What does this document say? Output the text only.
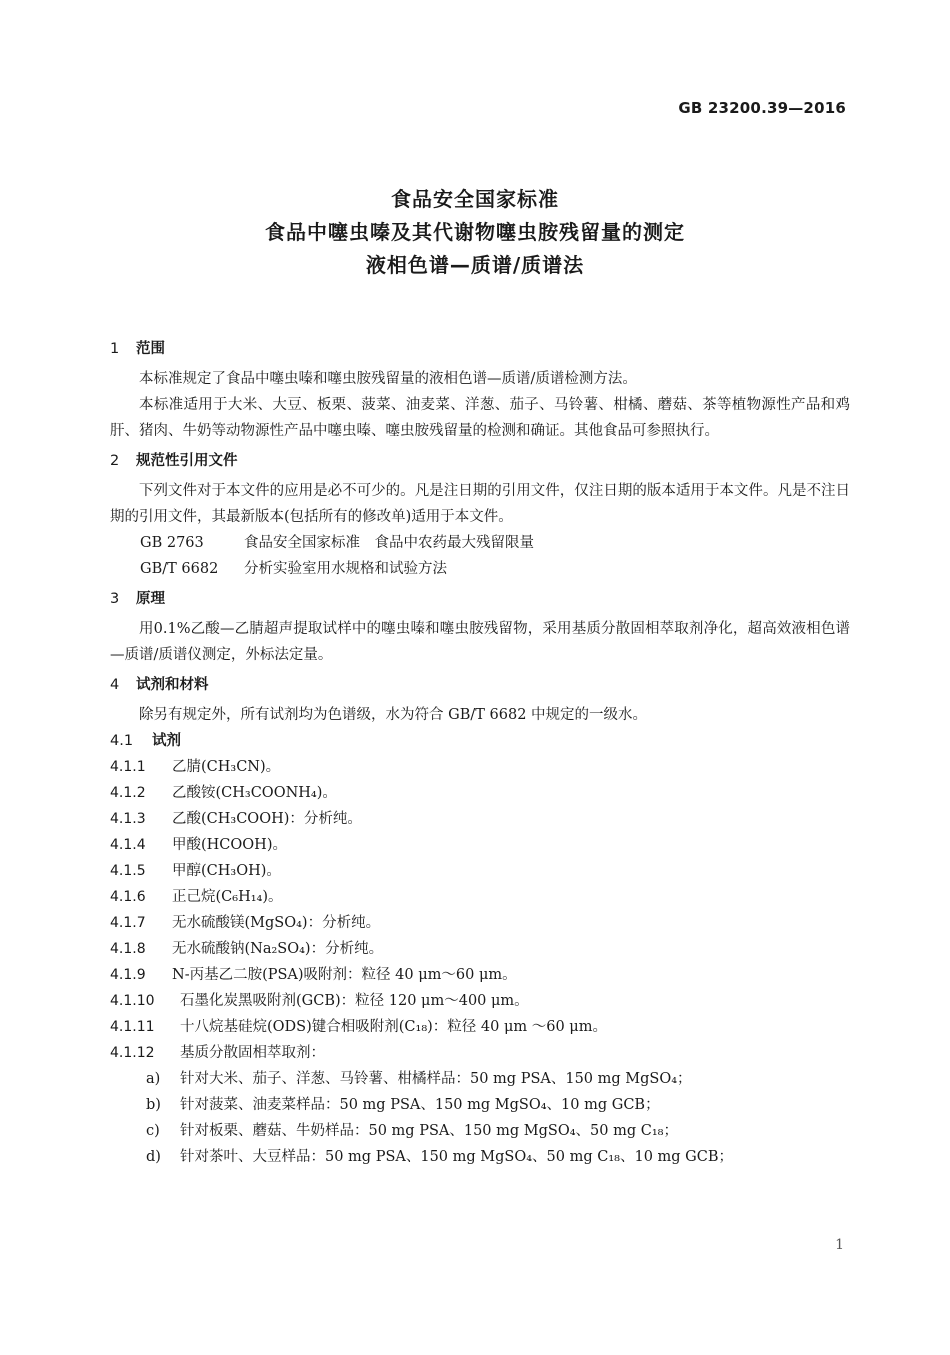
GB 23200.39—2016
食品安全国家标准
食品中噻虫嗪及其代谢物噻虫胺残留量的测定
液相色谱—质谱/质谱法
1 范围
本标准规定了食品中噻虫嗪和噻虫胺残留量的液相色谱—质谱/质谱检测方法。
本标准适用于大米、大豆、板栗、菠菜、油麦菜、洋葱、茄子、马铃薯、柑橘、蘑菇、茶等植物源性产品和鸡肝、猪肉、牛奶等动物源性产品中噻虫嗪、噻虫胺残留量的检测和确证。其他食品可参照执行。
2 规范性引用文件
下列文件对于本文件的应用是必不可少的。凡是注日期的引用文件，仅注日期的版本适用于本文件。凡是不注日期的引用文件，其最新版本(包括所有的修改单)适用于本文件。
GB 2763	食品安全国家标准　食品中农药最大残留限量
GB/T 6682 分析实验室用水规格和试验方法
3 原理
用0.1%乙酸—乙腈超声提取试样中的噻虫嗪和噻虫胺残留物，采用基质分散固相萃取剂净化，超高效液相色谱—质谱/质谱仪测定，外标法定量。
4 试剂和材料
除另有规定外，所有试剂均为色谱级，水为符合 GB/T 6682 中规定的一级水。
4.1 试剂
4.1.1 乙腈(CH₃CN)。
4.1.2 乙酸铵(CH₃COONH₄)。
4.1.3 乙酸(CH₃COOH)：分析纯。
4.1.4 甲酸(HCOOH)。
4.1.5 甲醇(CH₃OH)。
4.1.6 正己烷(C₆H₁₄)。
4.1.7 无水硫酸镁(MgSO₄)：分析纯。
4.1.8 无水硫酸钠(Na₂SO₄)：分析纯。
4.1.9 N-丙基乙二胺(PSA)吸附剂：粒径 40 μm～60 μm。
4.1.10 石墨化炭黑吸附剂(GCB)：粒径 120 μm～400 μm。
4.1.11 十八烷基硅烷(ODS)键合相吸附剂(C₁₈)：粒径 40 μm ～60 μm。
4.1.12 基质分散固相萃取剂：
a) 针对大米、茄子、洋葱、马铃薯、柑橘样品：50 mg PSA、150 mg MgSO₄；
b) 针对菠菜、油麦菜样品：50 mg PSA、150 mg MgSO₄、10 mg GCB；
c) 针对板栗、蘑菇、牛奶样品：50 mg PSA、150 mg MgSO₄、50 mg C₁₈；
d) 针对茶叶、大豆样品：50 mg PSA、150 mg MgSO₄、50 mg C₁₈、10 mg GCB；
1
